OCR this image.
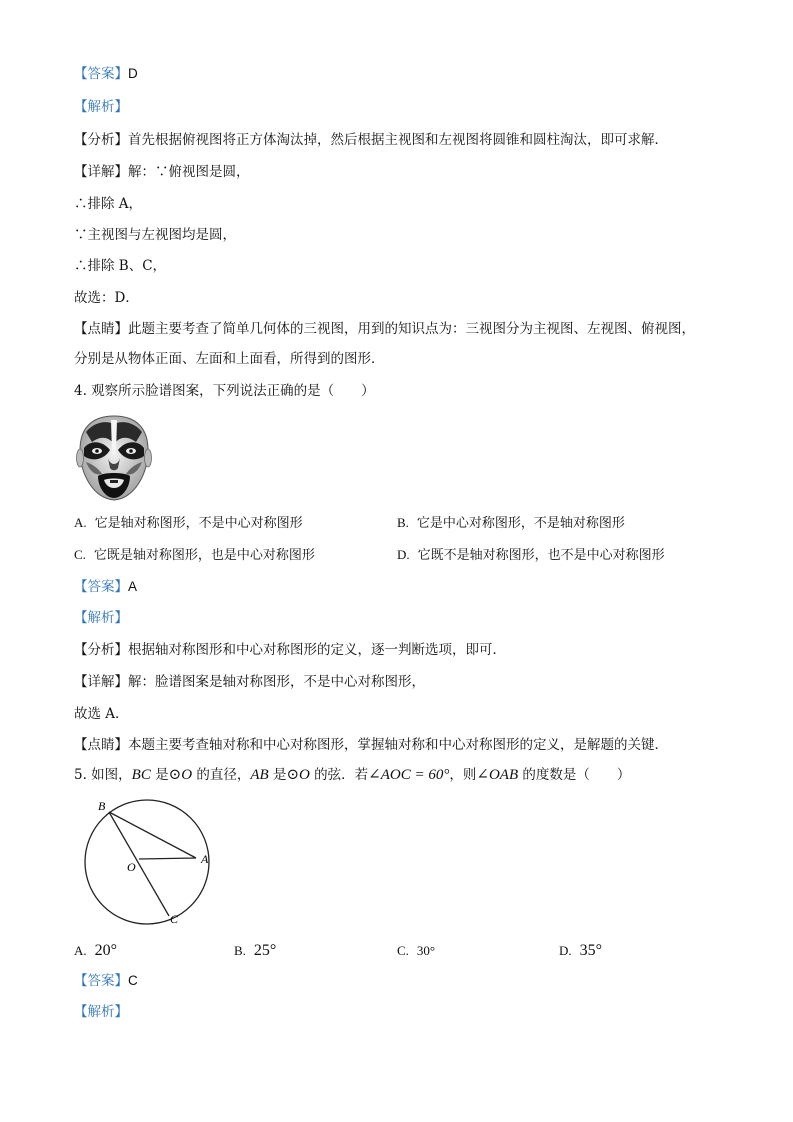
【答案】D
【解析】
【分析】首先根据俯视图将正方体淘汰掉，然后根据主视图和左视图将圆锥和圆柱淘汰，即可求解．
【详解】解：∵俯视图是圆，
∴排除 A，
∵主视图与左视图均是圆，
∴排除 B、C，
故选：D．
【点睛】此题主要考查了简单几何体的三视图，用到的知识点为：三视图分为主视图、左视图、俯视图，
分别是从物体正面、左面和上面看，所得到的图形．
4. 观察所示脸谱图案，下列说法正确的是（　　）
A. 它是轴对称图形，不是中心对称图形	B. 它是中心对称图形，不是轴对称图形
C. 它既是轴对称图形，也是中心对称图形	D. 它既不是轴对称图形，也不是中心对称图形
【答案】A
【解析】
【分析】根据轴对称图形和中心对称图形的定义，逐一判断选项，即可．
【详解】解：脸谱图案是轴对称图形，不是中心对称图形，
故选 A．
【点睛】本题主要考查轴对称和中心对称图形，掌握轴对称和中心对称图形的定义，是解题的关键．
5. 如图，BC 是⊙O 的直径，AB 是⊙O 的弦．若∠AOC = 60°，则∠OAB 的度数是（　　）
B
A
O
C
A. 20°	B. 25°	C. 30°	D. 35°
【答案】C
【解析】
